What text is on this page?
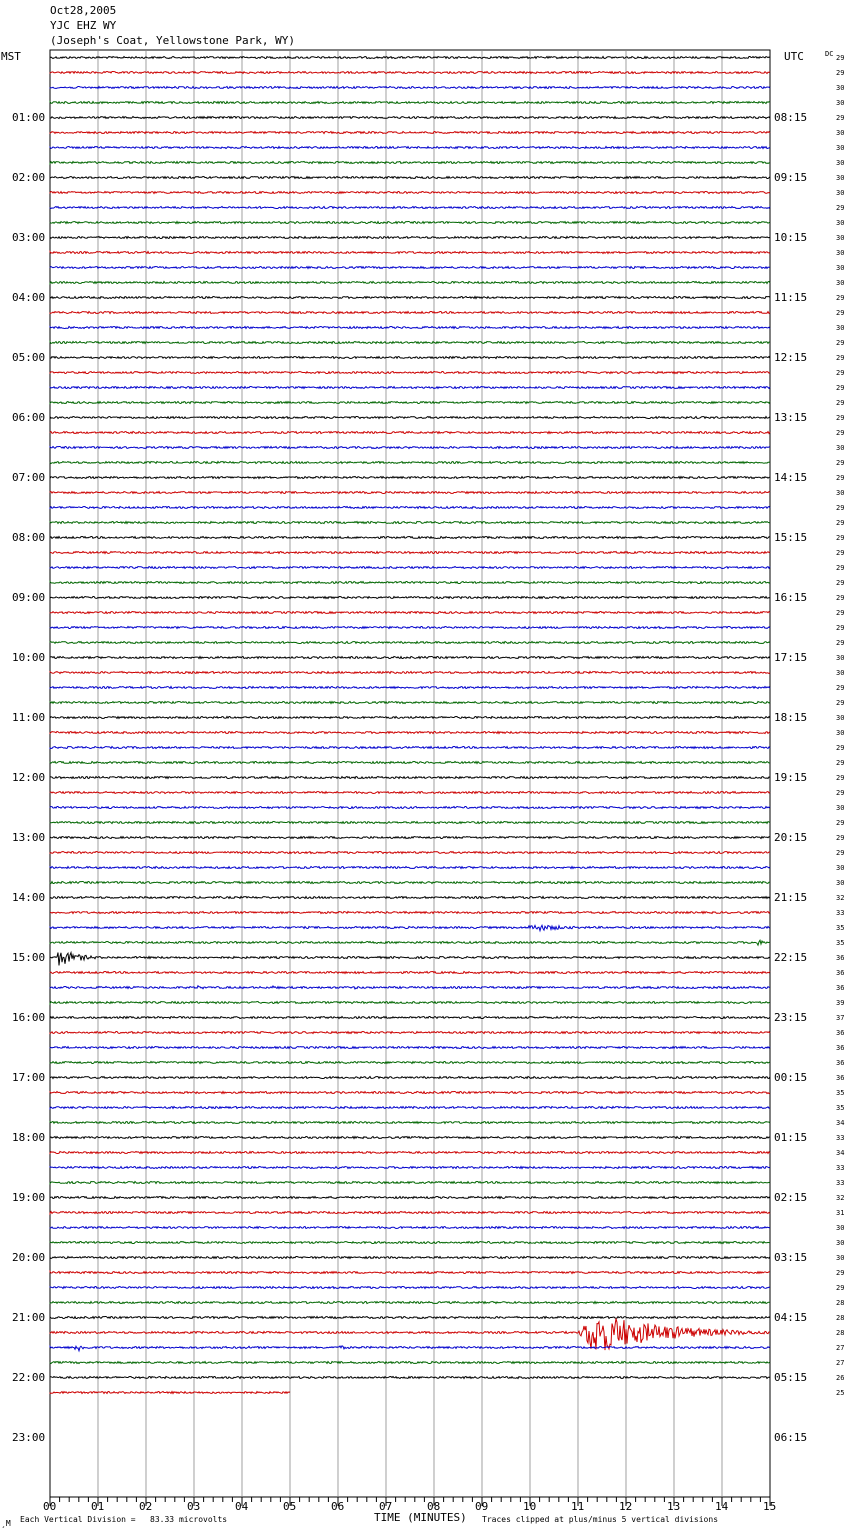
Oct28,2005
YJC EHZ WY
(Joseph's Coat, Yellowstone Park, WY)
MST	UTC	DC
01:00
02:00
03:00
04:00
05:00
06:00
07:00
08:00
09:00
10:00
11:00
12:00
13:00
14:00
15:00
16:00
17:00
18:00
19:00
20:00
21:00
22:00
23:00
08:15
09:15
10:15
11:15
12:15
13:15
14:15
15:15
16:15
17:15
18:15
19:15
20:15
21:15
22:15
23:15
00:15
01:15
02:15
03:15
04:15
05:15
06:15
29
29
30
30
29
30
30
30
30
30
29
30
30
30
30
30
29
29
30
29
29
29
29
29
29
29
30
29
29
30
29
29
29
29
29
29
29
29
29
29
30
30
29
29
30
30
29
29
29
29
30
29
29
29
30
30
32
33
35
35
36
36
36
39
37
36
36
36
36
35
35
34
33
34
33
33
32
31
30
30
30
29
29
28
28
28
27
27
26
25
00	01	02	03	04	05	06	07	08	09	10	11	12	13	14	15
TIME (MINUTES)
¸M Each Vertical Division =   83.33 microvolts	Traces clipped at plus/minus 5 vertical divisions
